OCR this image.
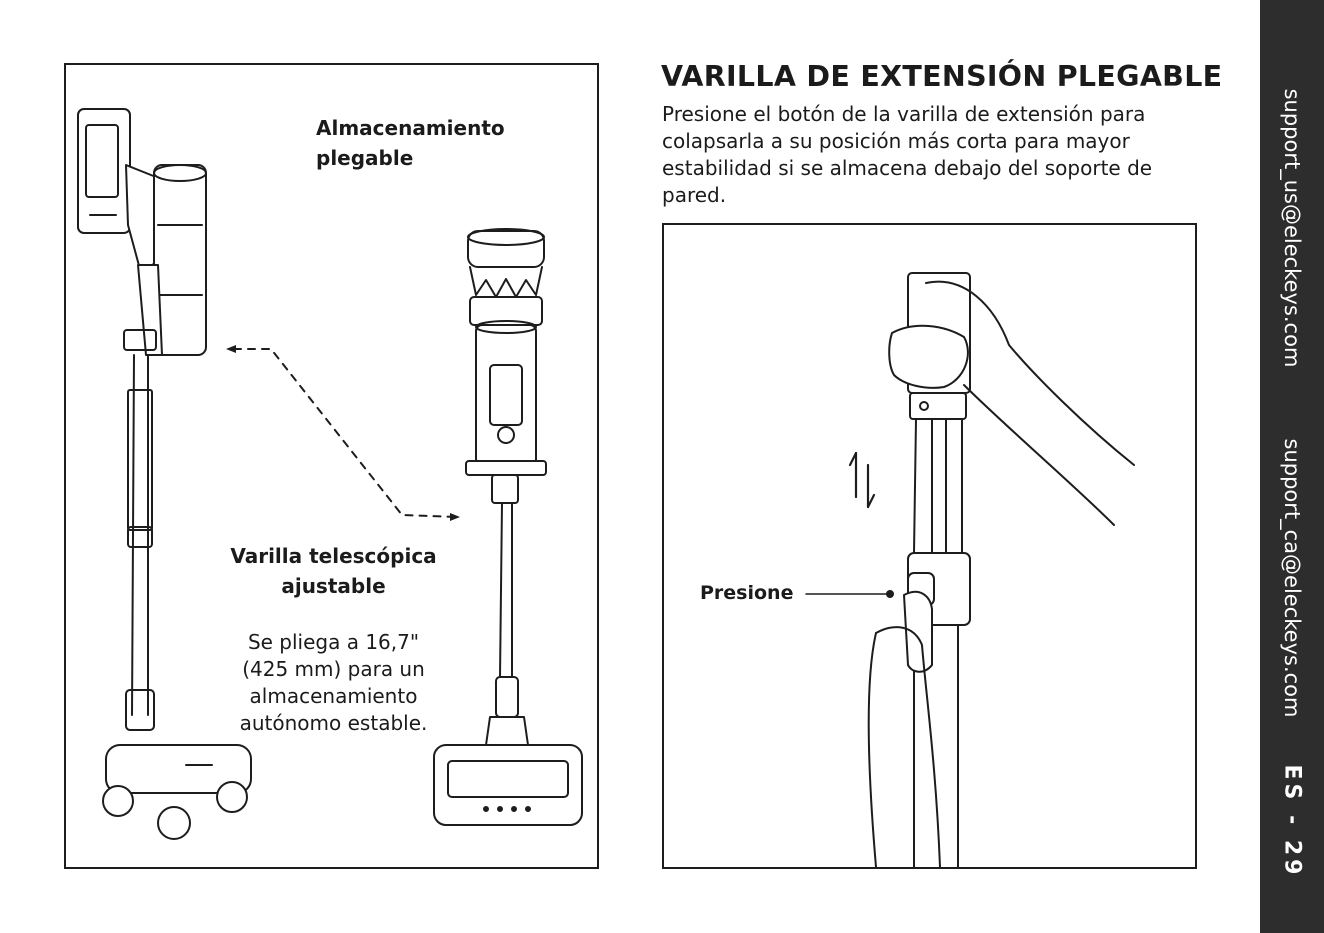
VARILLA DE EXTENSIÓN PLEGABLE

Presione el botón de la varilla de extensión para colapsarla a su posición más corta para mayor estabilidad si se almacena debajo del soporte de pared.

Almacenamiento
plegable
Varilla telescópica
ajustable
Se pliega a 16,7"
(425 mm) para un
almacenamiento
autónomo estable.
Presione
support_us@eleckeys.com
support_ca@eleckeys.com
ES - 29
